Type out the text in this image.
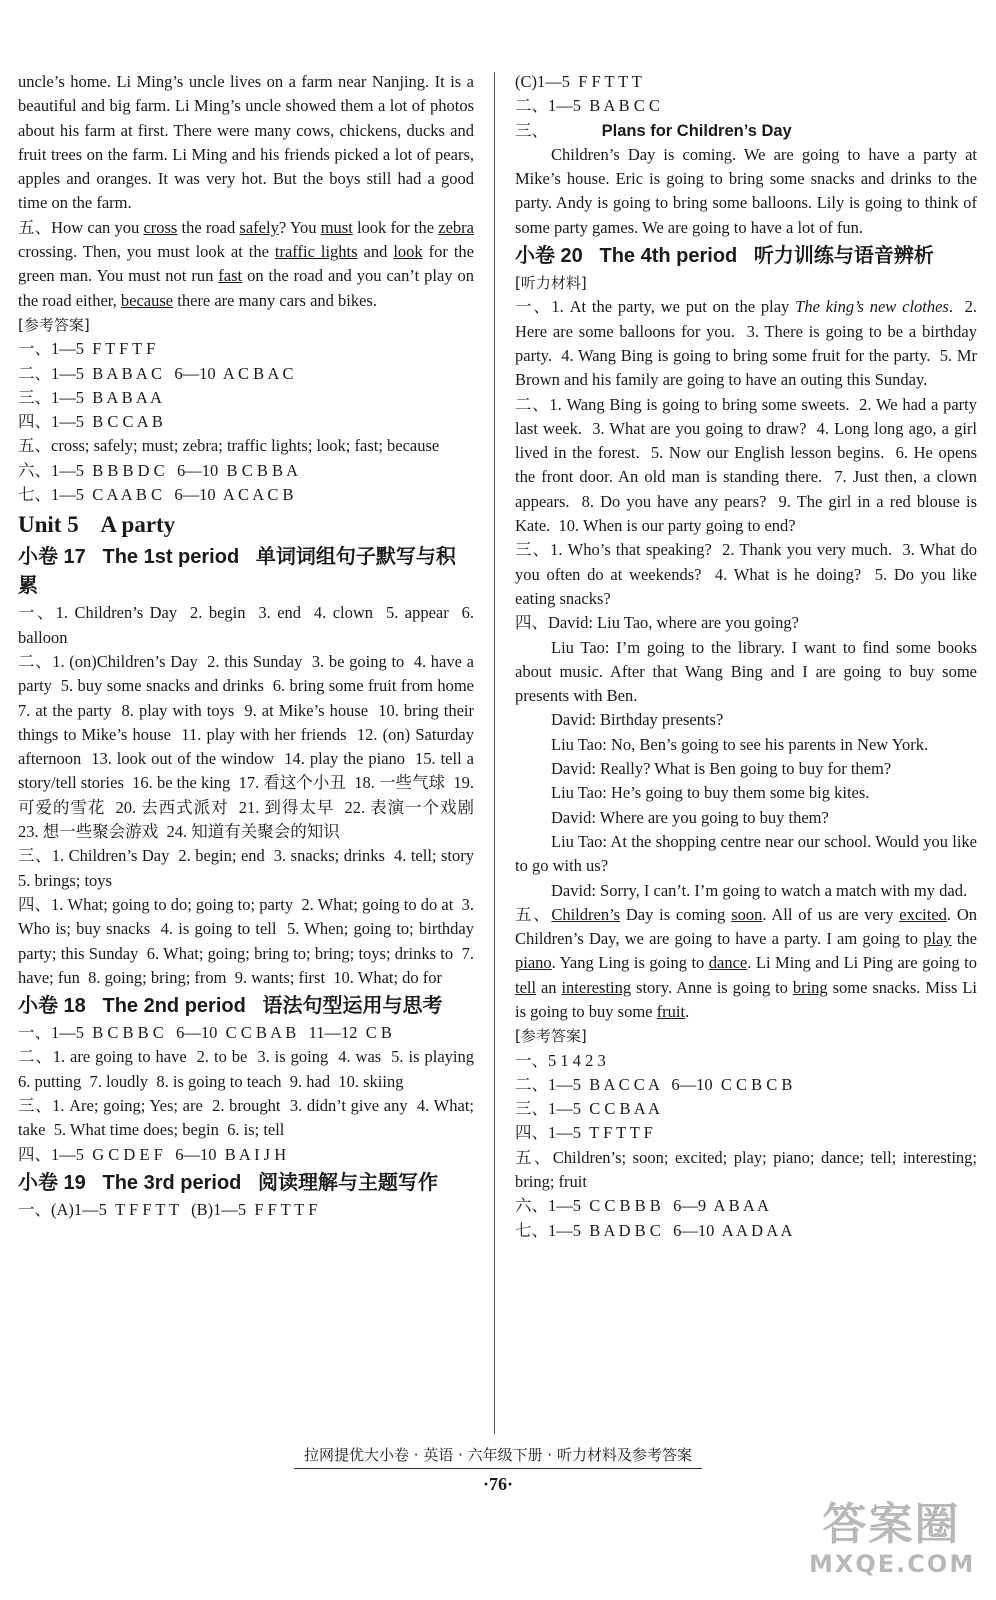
uncle’s home. Li Ming’s uncle lives on a farm near Nanjing. It is a beautiful and big farm. Li Ming’s uncle showed them a lot of photos about his farm at first. There were many cows, chickens, ducks and fruit trees on the farm. Li Ming and his friends picked a lot of pears, apples and oranges. It was very hot. But the boys still had a good time on the farm.

五、How can you cross the road safely? You must look for the zebra crossing. Then, you must look at the traffic lights and look for the green man. You must not run fast on the road and you can’t play on the road either, because there are many cars and bikes.

[参考答案]

一、1—5  F T F T F

二、1—5  B A B A C   6—10  A C B A C

三、1—5  B A B A A

四、1—5  B C C A B

五、cross; safely; must; zebra; traffic lights; look; fast; because

六、1—5  B B B D C   6—10  B C B B A

七、1—5  C A A B C   6—10  A C A C B

Unit 5    A party

小卷 17   The 1st period   单词词组句子默写与积累

一、1. Children’s Day  2. begin  3. end  4. clown  5. appear  6. balloon

二、1. (on)Children’s Day  2. this Sunday  3. be going to  4. have a party  5. buy some snacks and drinks  6. bring some fruit from home  7. at the party  8. play with toys  9. at Mike’s house  10. bring their things to Mike’s house  11. play with her friends  12. (on) Saturday afternoon  13. look out of the window  14. play the piano  15. tell a story/tell stories  16. be the king  17. 看这个小丑  18. 一些气球  19. 可爱的雪花  20. 去西式派对  21. 到得太早  22. 表演一个戏剧  23. 想一些聚会游戏  24. 知道有关聚会的知识

三、1. Children’s Day  2. begin; end  3. snacks; drinks  4. tell; story  5. brings; toys

四、1. What; going to do; going to; party  2. What; going to do at  3. Who is; buy snacks  4. is going to tell  5. When; going to; birthday party; this Sunday  6. What; going; bring to; bring; toys; drinks to  7. have; fun  8. going; bring; from  9. wants; first  10. What; do for

小卷 18   The 2nd period   语法句型运用与思考

一、1—5  B C B B C   6—10  C C B A B   11—12  C B

二、1. are going to have  2. to be  3. is going  4. was  5. is playing  6. putting  7. loudly  8. is going to teach  9. had  10. skiing

三、1. Are; going; Yes; are  2. brought  3. didn’t give any  4. What; take  5. What time does; begin  6. is; tell

四、1—5  G C D E F   6—10  B A I J H

小卷 19   The 3rd period   阅读理解与主题写作

一、(A)1—5  T F F T T   (B)1—5  F F T T F

(C)1—5  F F T T T

二、1—5  B A B C C

三、             Plans for Children’s Day

Children’s Day is coming. We are going to have a party at Mike’s house. Eric is going to bring some snacks and drinks to the party. Andy is going to bring some balloons. Lily is going to think of some party games. We are going to have a lot of fun.

小卷 20   The 4th period   听力训练与语音辨析

[听力材料]

一、1. At the party, we put on the play The king’s new clothes.  2. Here are some balloons for you.  3. There is going to be a birthday party.  4. Wang Bing is going to bring some fruit for the party.  5. Mr Brown and his family are going to have an outing this Sunday.

二、1. Wang Bing is going to bring some sweets.  2. We had a party last week.  3. What are you going to draw?  4. Long long ago, a girl lived in the forest.  5. Now our English lesson begins.  6. He opens the front door. An old man is standing there.  7. Just then, a clown appears.  8. Do you have any pears?  9. The girl in a red blouse is Kate.  10. When is our party going to end?

三、1. Who’s that speaking?  2. Thank you very much.  3. What do you often do at weekends?  4. What is he doing?  5. Do you like eating snacks?

四、David: Liu Tao, where are you going?

Liu Tao: I’m going to the library. I want to find some books about music. After that Wang Bing and I are going to buy some presents with Ben.

David: Birthday presents?

Liu Tao: No, Ben’s going to see his parents in New York.

David: Really? What is Ben going to buy for them?

Liu Tao: He’s going to buy them some big kites.

David: Where are you going to buy them?

Liu Tao: At the shopping centre near our school. Would you like to go with us?

David: Sorry, I can’t. I’m going to watch a match with my dad.

五、Children’s Day is coming soon. All of us are very excited. On Children’s Day, we are going to have a party. I am going to play the piano. Yang Ling is going to dance. Li Ming and Li Ping are going to tell an interesting story. Anne is going to bring some snacks. Miss Li is going to buy some fruit.

[参考答案]

一、5 1 4 2 3

二、1—5  B A C C A   6—10  C C B C B

三、1—5  C C B A A

四、1—5  T F T T F

五、Children’s; soon; excited; play; piano; dance; tell; interesting; bring; fruit

六、1—5  C C B B B   6—9  A B A A

七、1—5  B A D B C   6—10  A A D A A

拉网提优大小卷 · 英语 · 六年级下册 · 听力材料及参考答案
·76·
答案圈
MXQE.COM
